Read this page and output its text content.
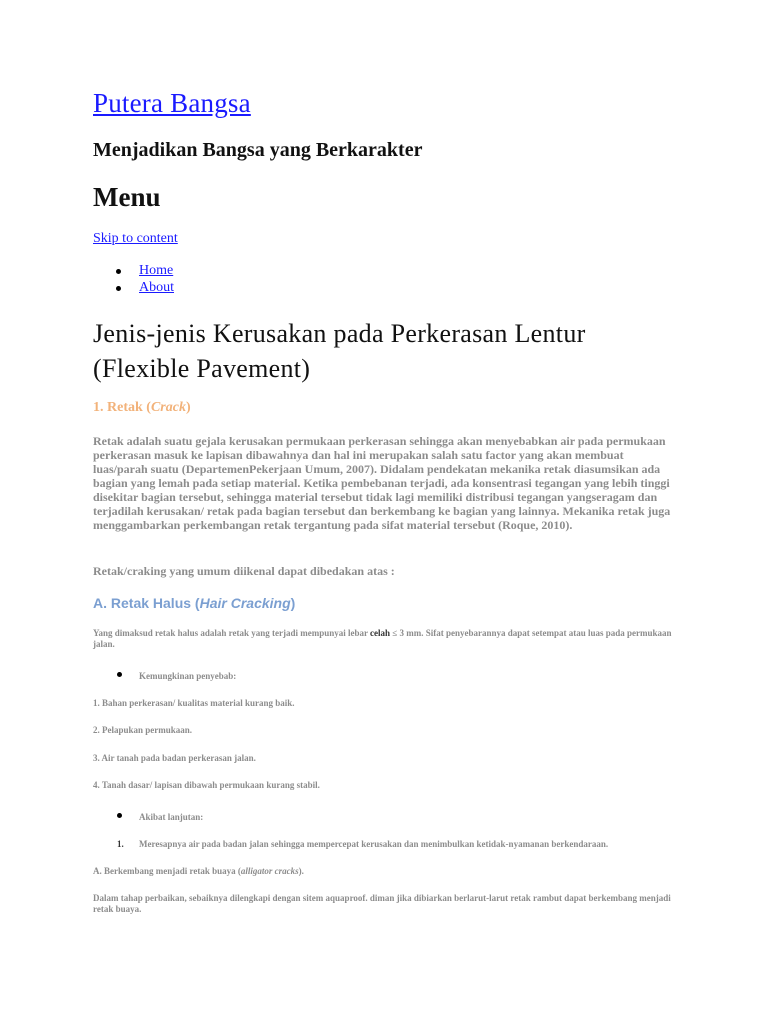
Putera Bangsa
Menjadikan Bangsa yang Berkarakter
Menu
Skip to content
Home
About
Jenis-jenis Kerusakan pada Perkerasan Lentur (Flexible Pavement)
1. Retak (Crack)

Retak adalah suatu gejala kerusakan permukaan perkerasan sehingga akan menyebabkan air pada permukaan perkerasan masuk ke lapisan dibawahnya dan hal ini merupakan salah satu factor yang akan membuat luas/parah suatu (DepartemenPekerjaan Umum, 2007). Didalam pendekatan mekanika retak diasumsikan ada bagian yang lemah pada setiap material. Ketika pembebanan terjadi, ada konsentrasi tegangan yang lebih tinggi disekitar bagian tersebut, sehingga material tersebut tidak lagi memiliki distribusi tegangan yangseragam dan terjadilah kerusakan/ retak pada bagian tersebut dan berkembang ke bagian yang lainnya. Mekanika retak juga menggambarkan perkembangan retak tergantung pada sifat material tersebut (Roque, 2010).

Retak/craking yang umum diikenal dapat dibedakan atas :

A. Retak Halus (Hair Cracking)

Yang dimaksud retak halus adalah retak yang terjadi mempunyai lebar celah ≤ 3 mm. Sifat penyebarannya dapat setempat atau luas pada permukaan jalan.

Kemungkinan penyebab:

1. Bahan perkerasan/ kualitas material kurang baik.

2. Pelapukan permukaan.

3. Air tanah pada badan perkerasan jalan.

4. Tanah dasar/ lapisan dibawah permukaan kurang stabil.

Akibat lanjutan:
1. Meresapnya air pada badan jalan sehingga mempercepat kerusakan dan menimbulkan ketidak-nyamanan berkendaraan.

A. Berkembang menjadi retak buaya (alligator cracks).

Dalam tahap perbaikan, sebaiknya dilengkapi dengan sitem aquaproof. diman jika dibiarkan berlarut-larut retak rambut dapat berkembang menjadi retak buaya.
